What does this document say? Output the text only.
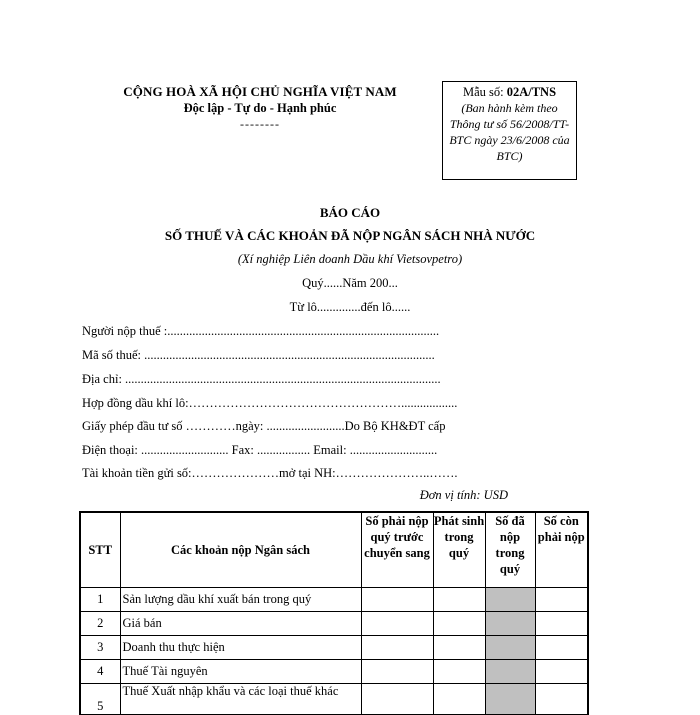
CỘNG HOÀ XÃ HỘI CHỦ NGHĨA VIỆT NAM
Độc lập - Tự do - Hạnh phúc
--------
Mẫu số: 02A/TNS
(Ban hành kèm theo Thông tư số 56/2008/TT-BTC ngày 23/6/2008 của BTC)
BÁO CÁO
SỐ THUẾ VÀ CÁC KHOẢN ĐÃ NỘP NGÂN SÁCH NHÀ NƯỚC
(Xí nghiệp Liên doanh Dầu khí Vietsovpetro)
Quý......Năm 200...
Từ lô..............đến lô......
Người nộp thuế :.......................................................................................
Mã số thuế: .............................................................................................
Địa chỉ: .....................................................................................................
Hợp đồng dầu khí lô:……………………………………………..................
Giấy phép đầu tư số …………ngày: .........................Do Bộ KH&ĐT cấp
Điện thoại: ............................ Fax: ................. Email: ............................
Tài khoản tiền gửi số:…………………mở tại NH:…………………..…….
Đơn vị tính: USD
STT	Các khoản nộp Ngân sách	Số phải nộp quý trước chuyển sang	Phát sinh trong quý	Số đã nộp trong quý	Số còn phải nộp
1	Sản lượng dầu khí xuất bán trong quý				
2	Giá bán				
3	Doanh thu thực hiện				
4	Thuế Tài nguyên				
5	Thuế Xuất nhập khẩu và các loại thuế khác				
